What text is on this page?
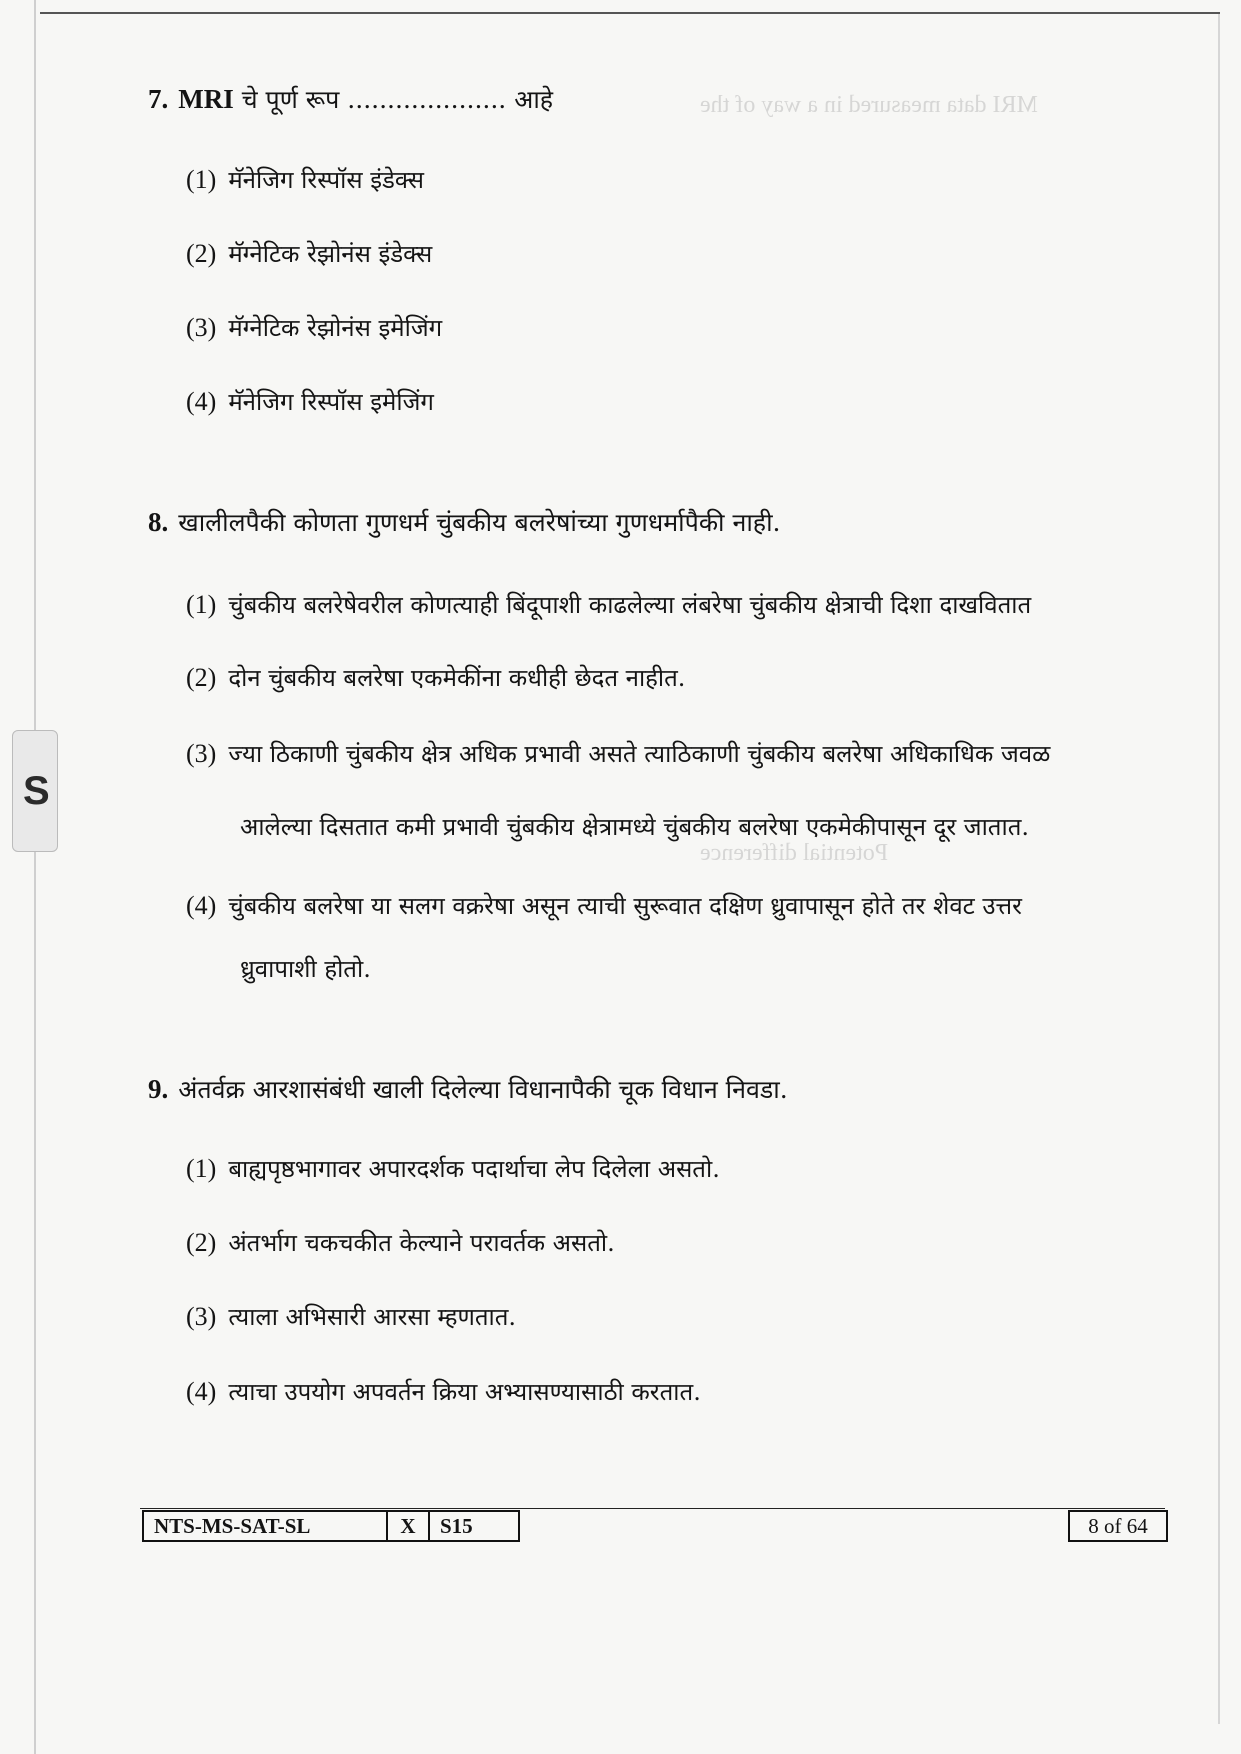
MRI data measured in a way of the
Potential difference
S
7. MRI चे पूर्ण रूप .................... आहे
(1) मॅनेजिग रिस्पॉस इंडेक्स
(2) मॅग्नेटिक रेझोनंस इंडेक्स
(3) मॅग्नेटिक रेझोनंस इमेजिंग
(4) मॅनेजिग रिस्पॉस इमेजिंग
8. खालीलपैकी कोणता गुणधर्म चुंबकीय बलरेषांच्या गुणधर्मापैकी नाही.
(1) चुंबकीय बलरेषेवरील कोणत्याही बिंदूपाशी काढलेल्या लंबरेषा चुंबकीय क्षेत्राची दिशा दाखवितात
(2) दोन चुंबकीय बलरेषा एकमेकींना कधीही छेदत नाहीत.
(3) ज्या ठिकाणी चुंबकीय क्षेत्र अधिक प्रभावी असते त्याठिकाणी चुंबकीय बलरेषा अधिकाधिक जवळ
आलेल्या दिसतात कमी प्रभावी चुंबकीय क्षेत्रामध्ये चुंबकीय बलरेषा एकमेकीपासून दूर जातात.
(4) चुंबकीय बलरेषा या सलग वक्ररेषा असून त्याची सुरूवात दक्षिण ध्रुवापासून होते तर शेवट उत्तर
ध्रुवापाशी होतो.
9. अंतर्वक्र आरशासंबंधी खाली दिलेल्या विधानापैकी चूक विधान निवडा.
(1) बाह्यपृष्ठभागावर अपारदर्शक पदार्थाचा लेप दिलेला असतो.
(2) अंतर्भाग चकचकीत केल्याने परावर्तक असतो.
(3) त्याला अभिसारी आरसा म्हणतात.
(4) त्याचा उपयोग अपवर्तन क्रिया अभ्यासण्यासाठी करतात.
NTS-MS-SAT-SL	X	S15	8 of 64
